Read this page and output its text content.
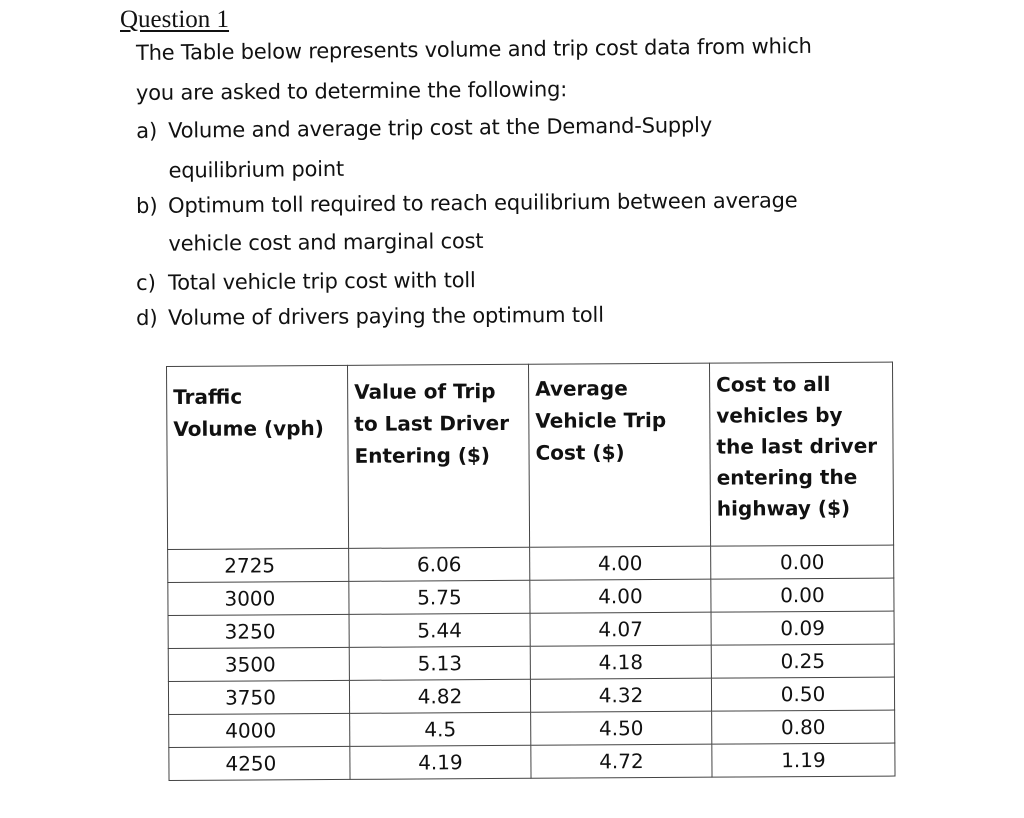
Question 1

The Table below represents volume and trip cost data from which

you are asked to determine the following:

a) Volume and average trip cost at the Demand-Supply
equilibrium point
b) Optimum toll required to reach equilibrium between average
vehicle cost and marginal cost
c) Total vehicle trip cost with toll
d) Volume of drivers paying the optimum toll
Traffic
Volume (vph)	Value of Trip
to Last Driver
Entering ($)	Average
Vehicle Trip
Cost ($)	Cost to all
vehicles by
the last driver
entering the
highway ($)
2725	6.06	4.00	0.00
3000	5.75	4.00	0.00
3250	5.44	4.07	0.09
3500	5.13	4.18	0.25
3750	4.82	4.32	0.50
4000	4.5	4.50	0.80
4250	4.19	4.72	1.19
